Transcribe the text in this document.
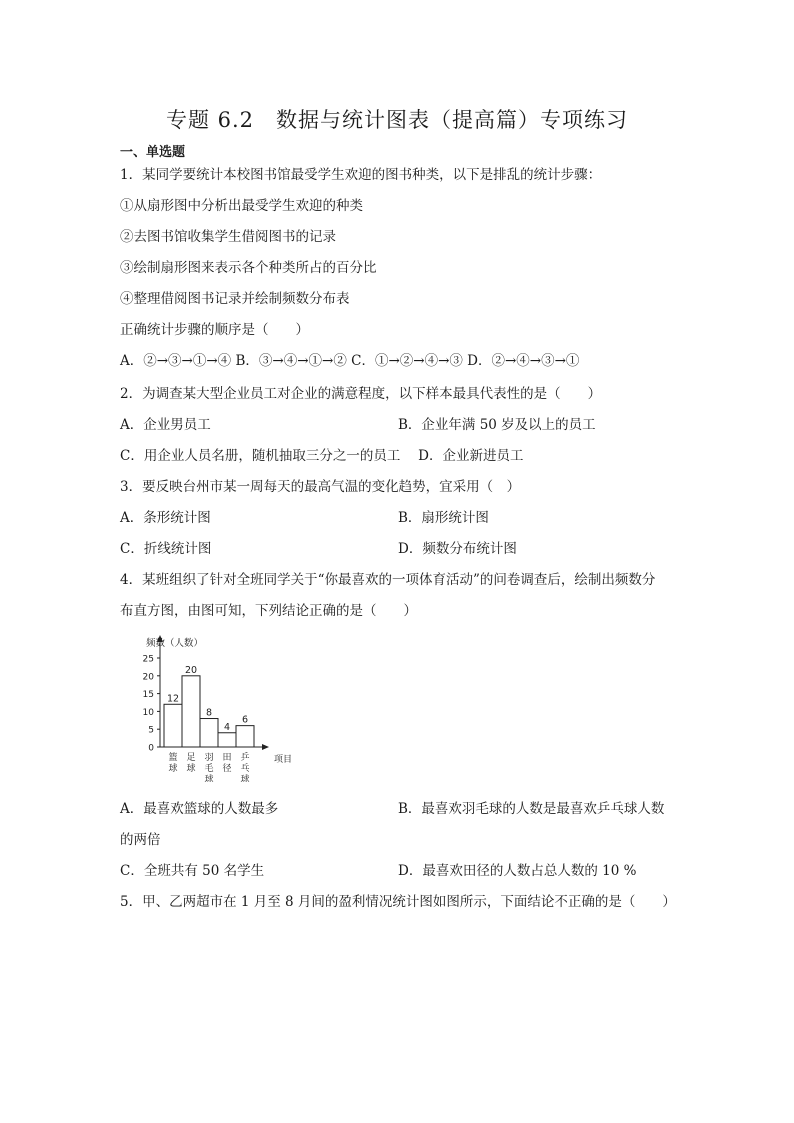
专题 6.2　数据与统计图表（提高篇）专项练习
一、单选题
1．某同学要统计本校图书馆最受学生欢迎的图书种类，以下是排乱的统计步骤：
①从扇形图中分析出最受学生欢迎的种类
②去图书馆收集学生借阅图书的记录
③绘制扇形图来表示各个种类所占的百分比
④整理借阅图书记录并绘制频数分布表
正确统计步骤的顺序是（　　）
A．②→③→①→④ B．③→④→①→② C．①→②→④→③ D．②→④→③→①
2．为调查某大型企业员工对企业的满意程度，以下样本最具代表性的是（　　）
A．企业男员工	B．企业年满 50 岁及以上的员工
C．用企业人员名册，随机抽取三分之一的员工　 D．企业新进员工
3．要反映台州市某一周每天的最高气温的变化趋势，宜采用（　）
A．条形统计图	B．扇形统计图
C．折线统计图	D．频数分布统计图
4．某班组织了针对全班同学关于“你最喜欢的一项体育活动”的问卷调查后，绘制出频数分
布直方图，由图可知，下列结论正确的是（　　）
0
5
10
15
20
25
频数（人数）
12
篮
球
20
足
球
8
羽
毛
球
4
田
径
6
乒
乓
球
项目
A．最喜欢篮球的人数最多	B．最喜欢羽毛球的人数是最喜欢乒乓球人数
的两倍
C．全班共有 50 名学生	D．最喜欢田径的人数占总人数的 10 %
5．甲、乙两超市在 1 月至 8 月间的盈利情况统计图如图所示，下面结论不正确的是（　　）
